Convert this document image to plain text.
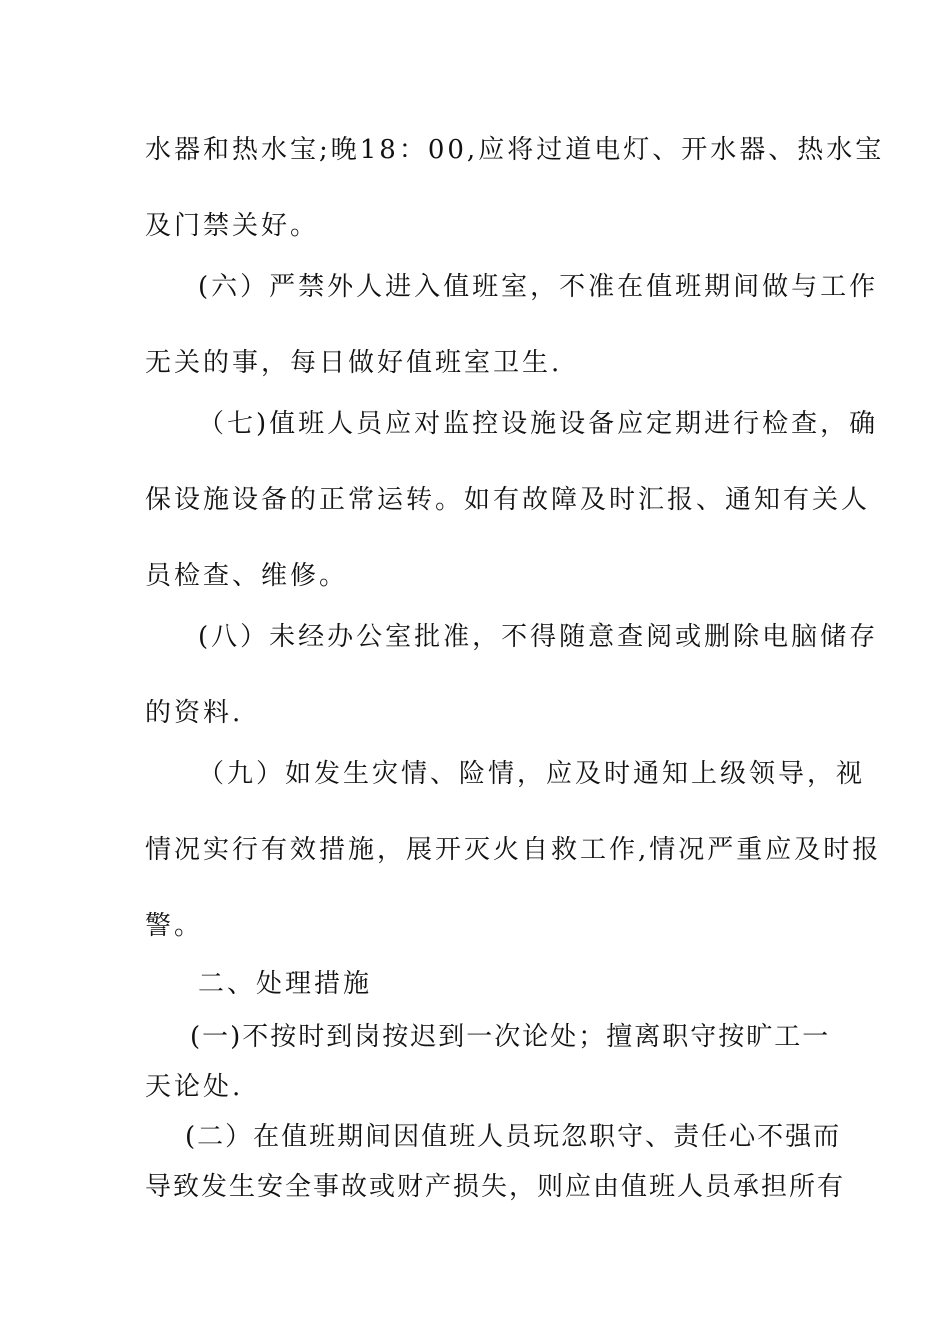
水器和热水宝;晚18：00,应将过道电灯、开水器、热水宝

及门禁关好。

(六）严禁外人进入值班室，不准在值班期间做与工作

无关的事，每日做好值班室卫生.

（七)值班人员应对监控设施设备应定期进行检查，确

保设施设备的正常运转。如有故障及时汇报、通知有关人

员检查、维修。

(八）未经办公室批准，不得随意查阅或删除电脑储存

的资料.

（九）如发生灾情、险情，应及时通知上级领导，视

情况实行有效措施，展开灭火自救工作,情况严重应及时报

警。

二、处理措施

(一)不按时到岗按迟到一次论处；擅离职守按旷工一

天论处.

(二）在值班期间因值班人员玩忽职守、责任心不强而

导致发生安全事故或财产损失，则应由值班人员承担所有
